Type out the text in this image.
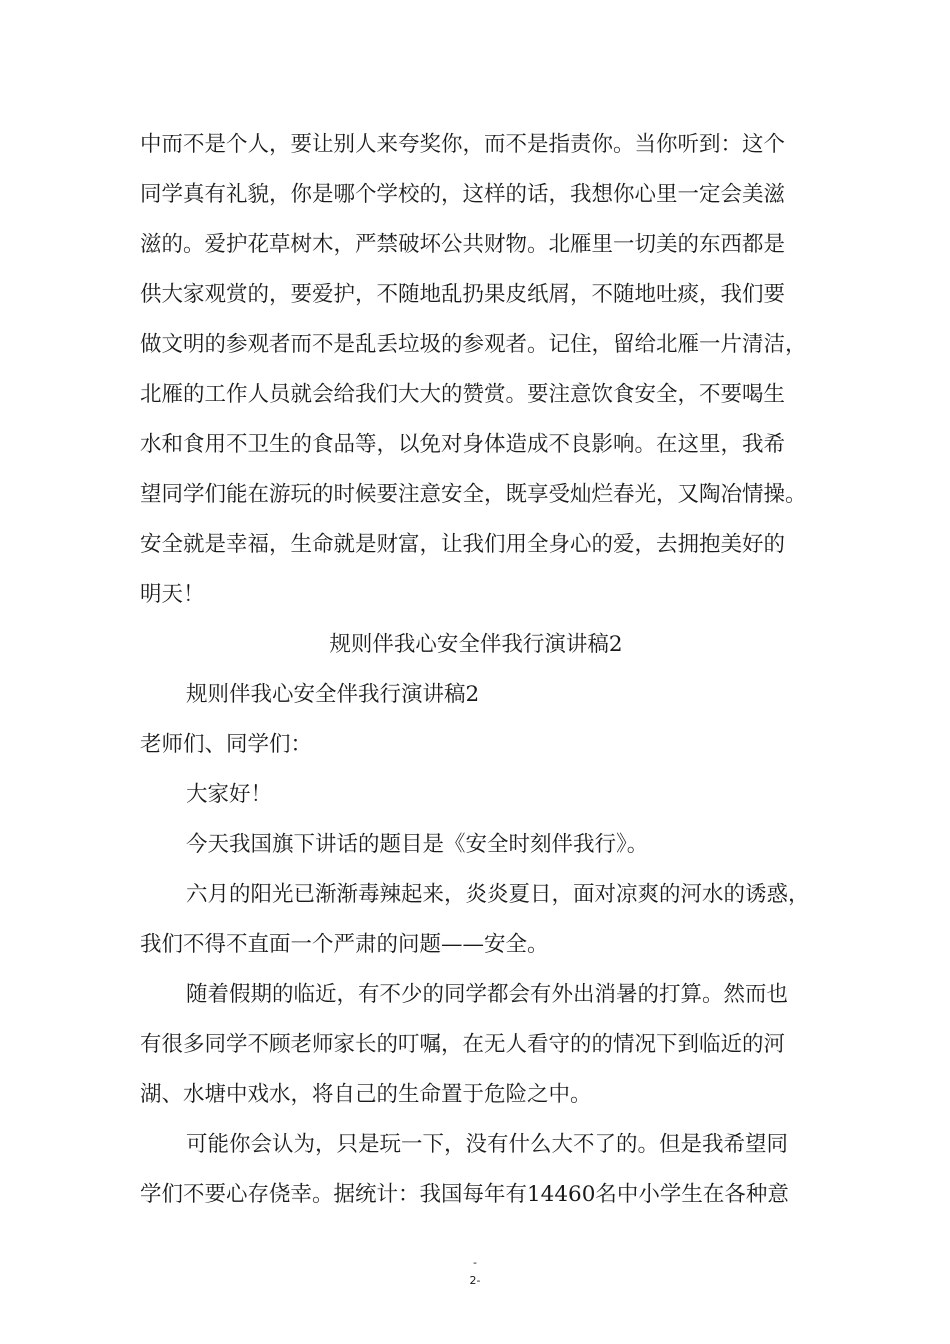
中而不是个人，要让别人来夸奖你，而不是指责你。当你听到：这个
同学真有礼貌，你是哪个学校的，这样的话，我想你心里一定会美滋
滋的。爱护花草树木，严禁破坏公共财物。北雁里一切美的东西都是
供大家观赏的，要爱护，不随地乱扔果皮纸屑，不随地吐痰，我们要
做文明的参观者而不是乱丢垃圾的参观者。记住，留给北雁一片清洁，
北雁的工作人员就会给我们大大的赞赏。要注意饮食安全，不要喝生
水和食用不卫生的食品等，以免对身体造成不良影响。在这里，我希
望同学们能在游玩的时候要注意安全，既享受灿烂春光，又陶冶情操。
安全就是幸福，生命就是财富，让我们用全身心的爱，去拥抱美好的
明天！
规则伴我心安全伴我行演讲稿2
规则伴我心安全伴我行演讲稿2
老师们、同学们：
大家好！
今天我国旗下讲话的题目是《安全时刻伴我行》。
六月的阳光已渐渐毒辣起来，炎炎夏日，面对凉爽的河水的诱惑，
我们不得不直面一个严肃的问题——安全。
随着假期的临近，有不少的同学都会有外出消暑的打算。然而也
有很多同学不顾老师家长的叮嘱，在无人看守的的情况下到临近的河
湖、水塘中戏水，将自己的生命置于危险之中。
可能你会认为，只是玩一下，没有什么大不了的。但是我希望同
学们不要心存侥幸。据统计：我国每年有14460名中小学生在各种意
-
2-
